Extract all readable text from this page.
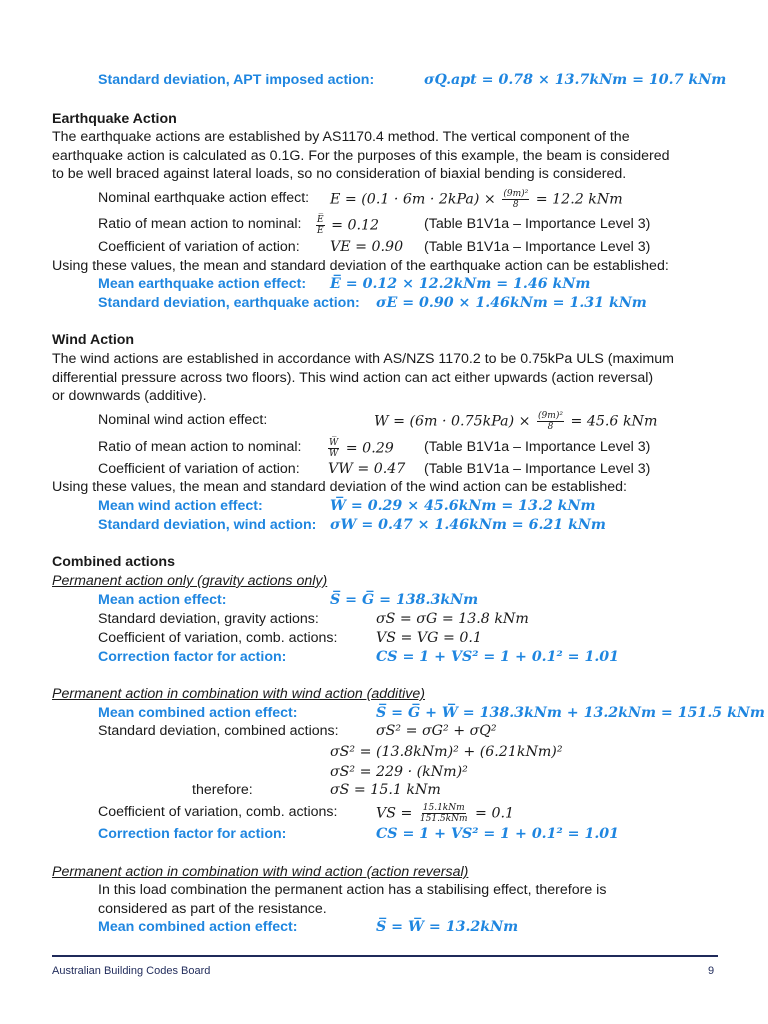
Standard deviation, APT imposed action:	σQ.apt = 0.78 × 13.7kNm = 10.7 kNm
Earthquake Action
The earthquake actions are established by AS1170.4 method. The vertical component of the
earthquake action is calculated as 0.1G. For the purposes of this example, the beam is considered
to be well braced against lateral loads, so no consideration of biaxial bending is considered.
Nominal earthquake action effect: $E = (0.1 \cdot 6m \cdot 2kPa) \times \frac{\text{(9m)²}}{8} = 12.2$ kNm
Ratio of mean action to nominal: $\frac{E̅}{E} = 0.12$	(Table B1V1a – Importance Level 3)
Coefficient of variation of action: VE = 0.90 (Table B1V1a – Importance Level 3)
Using these values, the mean and standard deviation of the earthquake action can be established:
Mean earthquake action effect: E̅ = 0.12 × 12.2kNm = 1.46 kNm
Standard deviation, earthquake action: σE = 0.90 × 1.46kNm = 1.31 kNm
Wind Action
The wind actions are established in accordance with AS/NZS 1170.2 to be 0.75kPa ULS (maximum
differential pressure across two floors). This wind action can act either upwards (action reversal)
or downwards (additive).
Nominal wind action effect:	$W = (6m \cdot 0.75kPa) \times \frac{\text{(9m)²}}{8} = 45.6$ kNm
Ratio of mean action to nominal:	$\frac{W̅}{W} = 0.29$ (Table B1V1a – Importance Level 3)
Coefficient of variation of action: VW = 0.47 (Table B1V1a – Importance Level 3)
Using these values, the mean and standard deviation of the wind action can be established:
Mean wind action effect:	W̅ = 0.29 × 45.6kNm = 13.2 kNm
Standard deviation, wind action: σW = 0.47 × 1.46kNm = 6.21 kNm
Combined actions
Permanent action only (gravity actions only)
Mean action effect:	S̅ = G̅ = 138.3kNm
Standard deviation, gravity actions:	σS = σG = 13.8 kNm
Coefficient of variation, comb. actions:	VS = VG = 0.1
Correction factor for action:	CS = 1 + VS² = 1 + 0.1² = 1.01
Permanent action in combination with wind action (additive)
Mean combined action effect:	S̅ = G̅ + W̅ = 138.3kNm + 13.2kNm = 151.5 kNm
Standard deviation, combined actions:	σS² = σG² + σQ²
σS² = (13.8kNm)² + (6.21kNm)²
σS² = 229 · (kNm)²
therefore:	σS = 15.1 kNm
Coefficient of variation, comb. actions:	VS = $\frac{\text{15.1kNm}}{\text{151.5kNm}} = 0.1$
Correction factor for action:	CS = 1 + VS² = 1 + 0.1² = 1.01
Permanent action in combination with wind action (action reversal)
In this load combination the permanent action has a stabilising effect, therefore is
considered as part of the resistance.
Mean combined action effect:	S̅ = W̅ = 13.2kNm
Australian Building Codes Board	9
